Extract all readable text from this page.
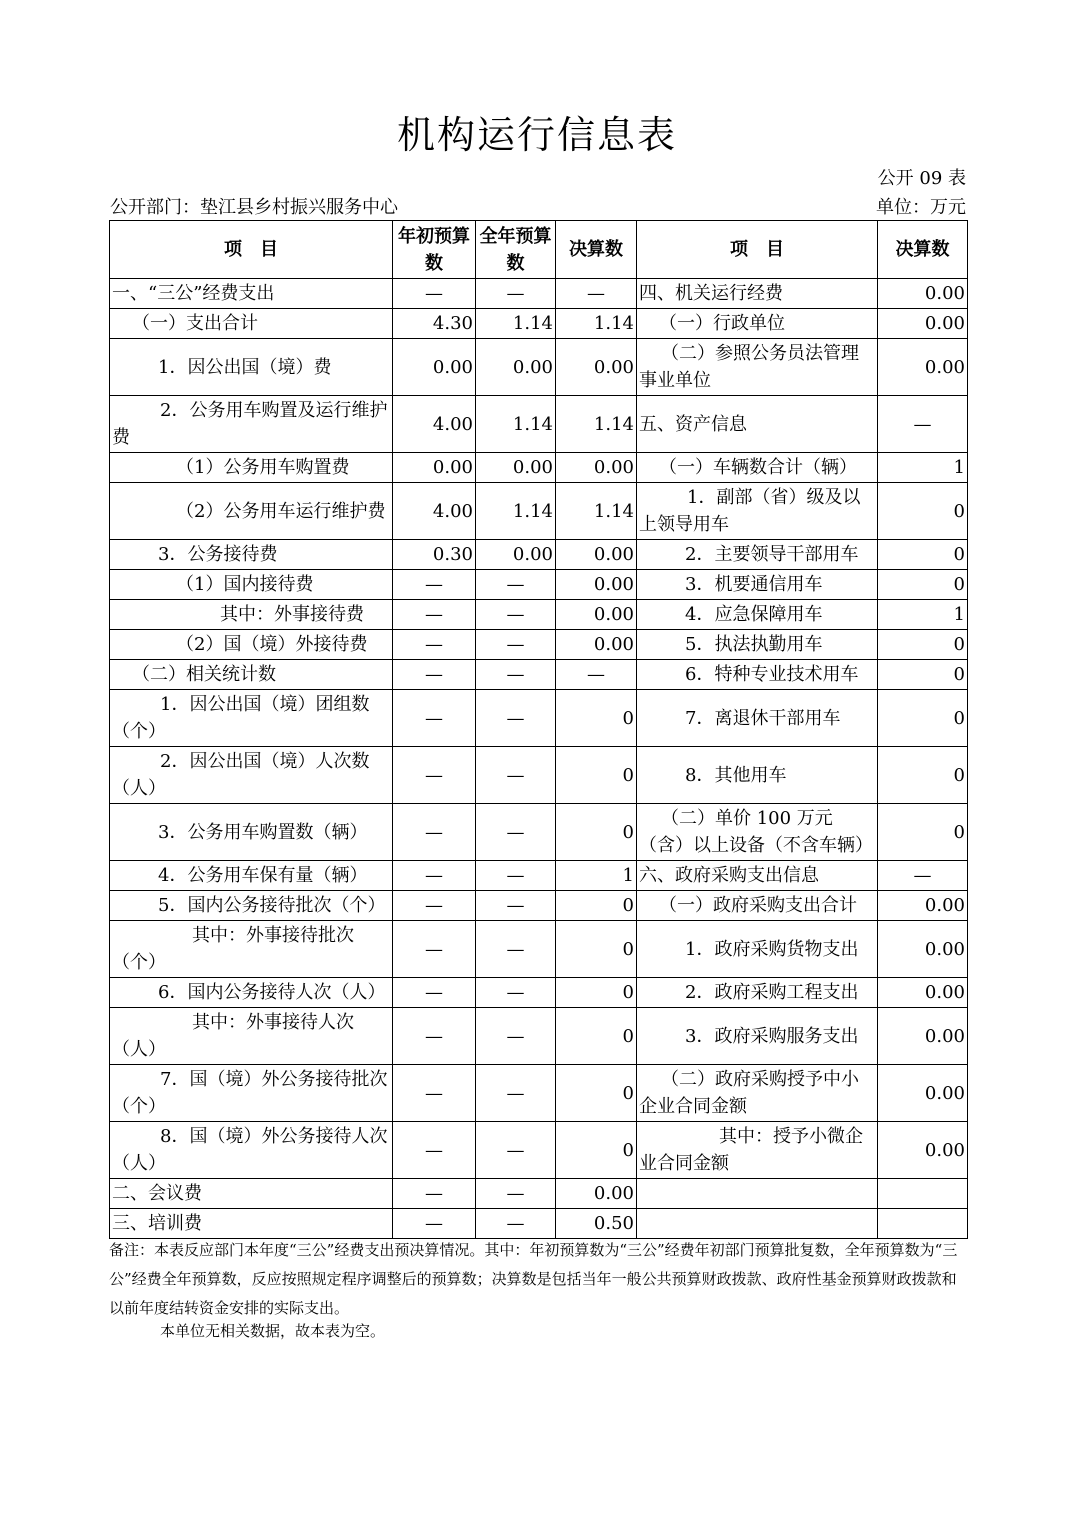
机构运行信息表
公开 09 表
公开部门：垫江县乡村振兴服务中心	单位：万元
项　目	年初预算数	全年预算数	决算数	项　目	决算数
一、“三公”经费支出	—	—	—	四、机关运行经费	0.00
（一）支出合计	4.30	1.14	1.14	（一）行政单位	0.00
1．因公出国（境）费	0.00	0.00	0.00	（二）参照公务员法管理事业单位	0.00
2．公务用车购置及运行维护费	4.00	1.14	1.14	五、资产信息	—
（1）公务用车购置费	0.00	0.00	0.00	（一）车辆数合计（辆）	1
（2）公务用车运行维护费	4.00	1.14	1.14	1．副部（省）级及以上领导用车	0
3．公务接待费	0.30	0.00	0.00	2．主要领导干部用车	0
（1）国内接待费	—	—	0.00	3．机要通信用车	0
其中：外事接待费	—	—	0.00	4．应急保障用车	1
（2）国（境）外接待费	—	—	0.00	5．执法执勤用车	0
（二）相关统计数	—	—	—	6．特种专业技术用车	0
1．因公出国（境）团组数（个）	—	—	0	7．离退休干部用车	0
2．因公出国（境）人次数（人）	—	—	0	8．其他用车	0
3．公务用车购置数（辆）	—	—	0	（二）单价 100 万元（含）以上设备（不含车辆）	0
4．公务用车保有量（辆）	—	—	1	六、政府采购支出信息	—
5．国内公务接待批次（个）	—	—	0	（一）政府采购支出合计	0.00
其中：外事接待批次（个）	—	—	0	1．政府采购货物支出	0.00
6．国内公务接待人次（人）	—	—	0	2．政府采购工程支出	0.00
其中：外事接待人次（人）	—	—	0	3．政府采购服务支出	0.00
7．国（境）外公务接待批次（个）	—	—	0	（二）政府采购授予中小企业合同金额	0.00
8．国（境）外公务接待人次（人）	—	—	0	其中：授予小微企业合同金额	0.00
二、会议费	—	—	0.00		
三、培训费	—	—	0.50		
备注：本表反应部门本年度“三公”经费支出预决算情况。其中：年初预算数为“三公”经费年初部门预算批复数，全年预算数为“三公”经费全年预算数，反应按照规定程序调整后的预算数；决算数是包括当年一般公共预算财政拨款、政府性基金预算财政拨款和以前年度结转资金安排的实际支出。
本单位无相关数据，故本表为空。
